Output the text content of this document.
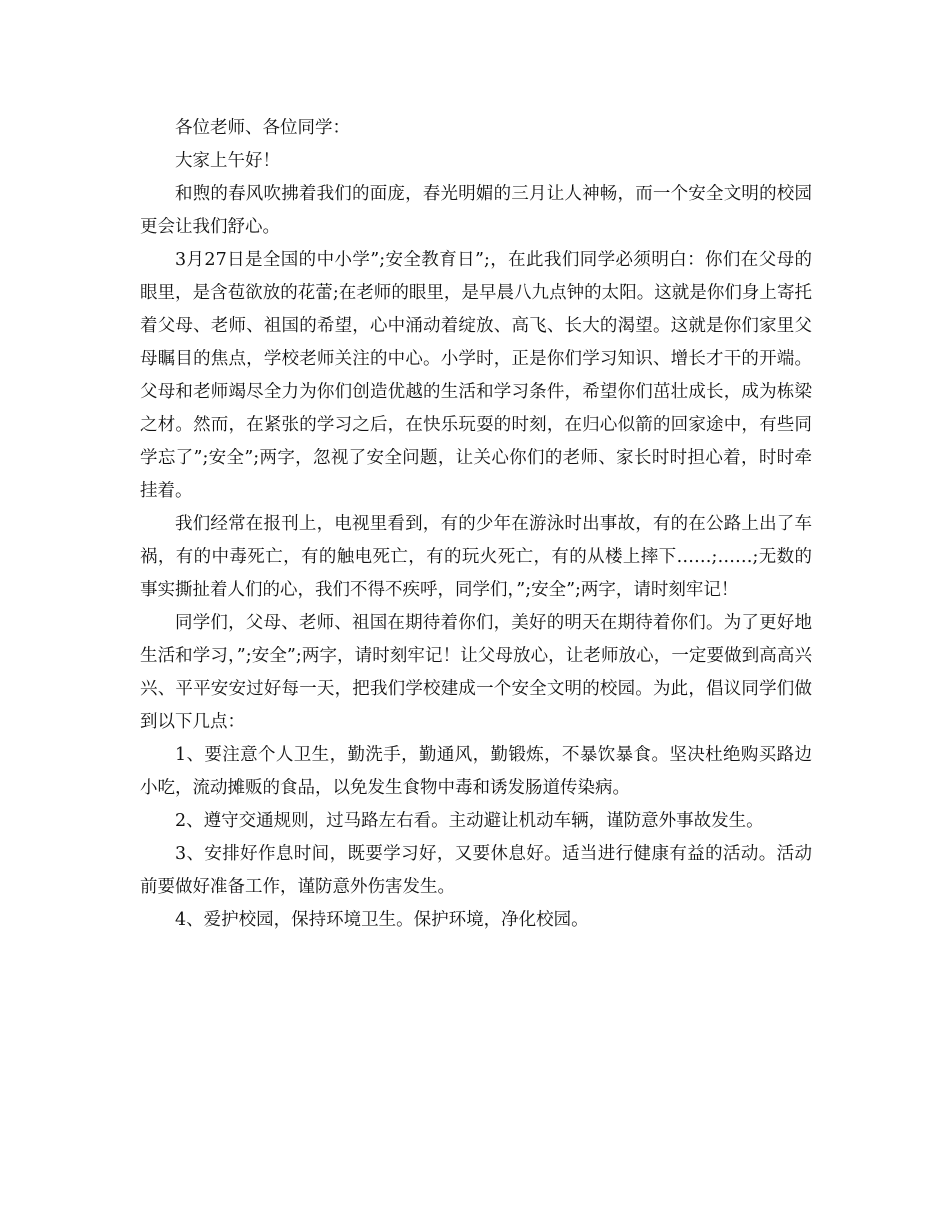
各位老师、各位同学：

大家上午好！

和煦的春风吹拂着我们的面庞，春光明媚的三月让人神畅，而一个安全文明的校园更会让我们舒心。

3月27日是全国的中小学”;安全教育日”;，在此我们同学必须明白：你们在父母的眼里，是含苞欲放的花蕾;在老师的眼里，是早晨八九点钟的太阳。这就是你们身上寄托着父母、老师、祖国的希望，心中涌动着绽放、高飞、长大的渴望。这就是你们家里父母瞩目的焦点，学校老师关注的中心。小学时，正是你们学习知识、增长才干的开端。父母和老师竭尽全力为你们创造优越的生活和学习条件，希望你们茁壮成长，成为栋梁之材。然而，在紧张的学习之后，在快乐玩耍的时刻，在归心似箭的回家途中，有些同学忘了”;安全”;两字，忽视了安全问题，让关心你们的老师、家长时时担心着，时时牵挂着。

我们经常在报刊上，电视里看到，有的少年在游泳时出事故，有的在公路上出了车祸，有的中毒死亡，有的触电死亡，有的玩火死亡，有的从楼上摔下……;……;无数的事实撕扯着人们的心，我们不得不疾呼，同学们，”;安全”;两字，请时刻牢记！

同学们，父母、老师、祖国在期待着你们，美好的明天在期待着你们。为了更好地生活和学习，”;安全”;两字，请时刻牢记！让父母放心，让老师放心，一定要做到高高兴兴、平平安安过好每一天，把我们学校建成一个安全文明的校园。为此，倡议同学们做到以下几点：

1、要注意个人卫生，勤洗手，勤通风，勤锻炼，不暴饮暴食。坚决杜绝购买路边小吃，流动摊贩的食品，以免发生食物中毒和诱发肠道传染病。

2、遵守交通规则，过马路左右看。主动避让机动车辆，谨防意外事故发生。

3、安排好作息时间，既要学习好，又要休息好。适当进行健康有益的活动。活动前要做好准备工作，谨防意外伤害发生。

4、爱护校园，保持环境卫生。保护环境，净化校园。
